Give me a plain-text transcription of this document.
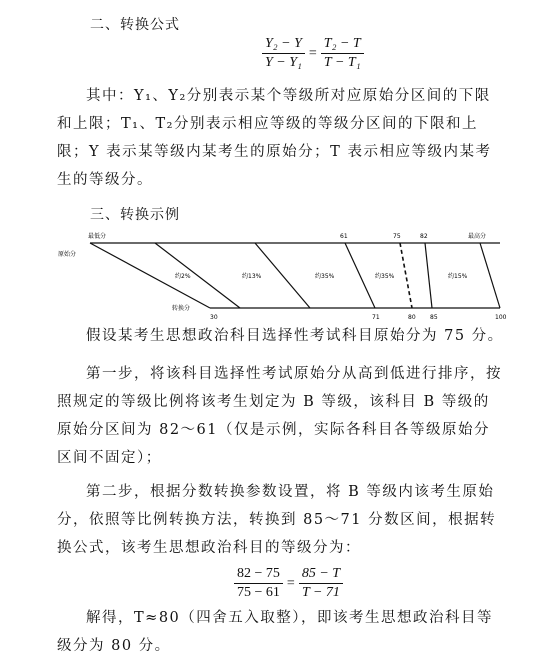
二、转换公式
$\frac{\text{Y₂ − Y}}{\text{Y − Y₁}} = \frac{\text{T₂ − T}}{\text{T − T₁}}$
其中：Y₁、Y₂分别表示某个等级所对应原始分区间的下限和上限；T₁、T₂分别表示相应等级的等级分区间的下限和上限；Y 表示某等级内某考生的原始分；T 表示相应等级内某考生的等级分。
三、转换示例
原始分
最低分	最高分
61	75	82
转换分
30	71	80 85	100
约2%	约13%	约35%	约35%	约15%
假设某考生思想政治科目选择性考试科目原始分为 75 分。
第一步，将该科目选择性考试原始分从高到低进行排序，按照规定的等级比例将该考生划定为 B 等级，该科目 B 等级的原始分区间为 82～61（仅是示例，实际各科目各等级原始分区间不固定）；
第二步，根据分数转换参数设置，将 B 等级内该考生原始分，依照等比例转换方法，转换到 85～71 分数区间，根据转换公式，该考生思想政治科目的等级分为：
$\frac{82 - 75}{75 - 61} = \frac{85 - T}{T - 71}$
解得，T≈80（四舍五入取整），即该考生思想政治科目等级分为 80 分。
